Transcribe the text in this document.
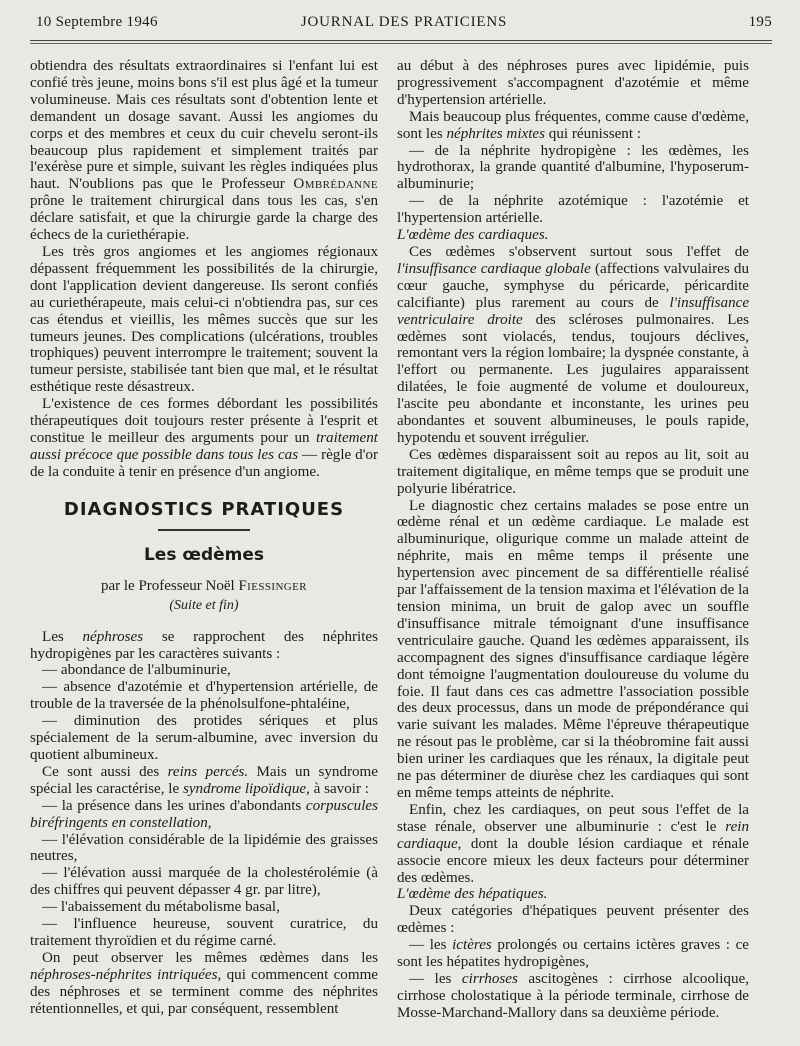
10 Septembre 1946	JOURNAL DES PRATICIENS	195

obtiendra des résultats extraordinaires si l'enfant lui est confié très jeune, moins bons s'il est plus âgé et la tumeur volumineuse. Mais ces résultats sont d'obtention lente et demandent un dosage savant. Aussi les angiomes du corps et des membres et ceux du cuir chevelu seront-ils beaucoup plus rapidement et simplement traités par l'exérèse pure et simple, suivant les règles indiquées plus haut. N'oublions pas que le Professeur Ombrédanne prône le traitement chirurgical dans tous les cas, s'en déclare satisfait, et que la chirurgie garde la charge des échecs de la curiethérapie.

Les très gros angiomes et les angiomes régionaux dépassent fréquemment les possibilités de la chirurgie, dont l'application devient dangereuse. Ils seront confiés au curiethérapeute, mais celui-ci n'obtiendra pas, sur ces cas étendus et vieillis, les mêmes succès que sur les tumeurs jeunes. Des complications (ulcérations, troubles trophiques) peuvent interrompre le traitement; souvent la tumeur persiste, stabilisée tant bien que mal, et le résultat esthétique reste désastreux.

L'existence de ces formes débordant les possibilités thérapeutiques doit toujours rester présente à l'esprit et constitue le meilleur des arguments pour un traitement aussi précoce que possible dans tous les cas — règle d'or de la conduite à tenir en présence d'un angiome.

DIAGNOSTICS PRATIQUES
Les œdèmes
par le Professeur Noël Fiessinger
(Suite et fin)

Les néphroses se rapprochent des néphrites hydropigènes par les caractères suivants :

— abondance de l'albuminurie,

— absence d'azotémie et d'hypertension artérielle, de trouble de la traversée de la phénolsulfone-phtaléine,

— diminution des protides sériques et plus spécialement de la serum-albumine, avec inversion du quotient albumineux.

Ce sont aussi des reins percés. Mais un syndrome spécial les caractérise, le syndrome lipoïdique, à savoir :

— la présence dans les urines d'abondants corpuscules biréfringents en constellation,

— l'élévation considérable de la lipidémie des graisses neutres,

— l'élévation aussi marquée de la cholestérolémie (à des chiffres qui peuvent dépasser 4 gr. par litre),

— l'abaissement du métabolisme basal,

— l'influence heureuse, souvent curatrice, du traitement thyroïdien et du régime carné.

On peut observer les mêmes œdèmes dans les néphroses-néphrites intriquées, qui commencent comme des néphroses et se terminent comme des néphrites rétentionnelles, et qui, par conséquent, ressemblent

au début à des néphroses pures avec lipidémie, puis progressivement s'accompagnent d'azotémie et même d'hypertension artérielle.

Mais beaucoup plus fréquentes, comme cause d'œdème, sont les néphrites mixtes qui réunissent :

— de la néphrite hydropigène : les œdèmes, les hydrothorax, la grande quantité d'albumine, l'hyposerum-albuminurie;

— de la néphrite azotémique : l'azotémie et l'hypertension artérielle.

L'œdème des cardiaques.

Ces œdèmes s'observent surtout sous l'effet de l'insuffisance cardiaque globale (affections valvulaires du cœur gauche, symphyse du péricarde, péricardite calcifiante) plus rarement au cours de l'insuffisance ventriculaire droite des scléroses pulmonaires. Les œdèmes sont violacés, tendus, toujours déclives, remontant vers la région lombaire; la dyspnée constante, à l'effort ou permanente. Les jugulaires apparaissent dilatées, le foie augmenté de volume et douloureux, l'ascite peu abondante et inconstante, les urines peu abondantes et souvent albumineuses, le pouls rapide, hypotendu et souvent irrégulier.

Ces œdèmes disparaissent soit au repos au lit, soit au traitement digitalique, en même temps que se produit une polyurie libératrice.

Le diagnostic chez certains malades se pose entre un œdème rénal et un œdème cardiaque. Le malade est albuminurique, oligurique comme un malade atteint de néphrite, mais en même temps il présente une hypertension avec pincement de sa différentielle réalisé par l'affaissement de la tension maxima et l'élévation de la tension minima, un bruit de galop avec un souffle d'insuffisance mitrale témoignant d'une insuffisance ventriculaire gauche. Quand les œdèmes apparaissent, ils accompagnent des signes d'insuffisance cardiaque légère dont témoigne l'augmentation douloureuse du volume du foie. Il faut dans ces cas admettre l'association possible des deux processus, dans un mode de prépondérance qui varie suivant les malades. Même l'épreuve thérapeutique ne résout pas le problème, car si la théobromine fait aussi bien uriner les cardiaques que les rénaux, la digitale peut ne pas déterminer de diurèse chez les cardiaques qui sont en même temps atteints de néphrite.

Enfin, chez les cardiaques, on peut sous l'effet de la stase rénale, observer une albuminurie : c'est le rein cardiaque, dont la double lésion cardiaque et rénale associe encore mieux les deux facteurs pour déterminer des œdèmes.

L'œdème des hépatiques.

Deux catégories d'hépatiques peuvent présenter des œdèmes :

— les ictères prolongés ou certains ictères graves : ce sont les hépatites hydropigènes,

— les cirrhoses ascitogènes : cirrhose alcoolique, cirrhose cholostatique à la période terminale, cirrhose de Mosse-Marchand-Mallory dans sa deuxième période.
